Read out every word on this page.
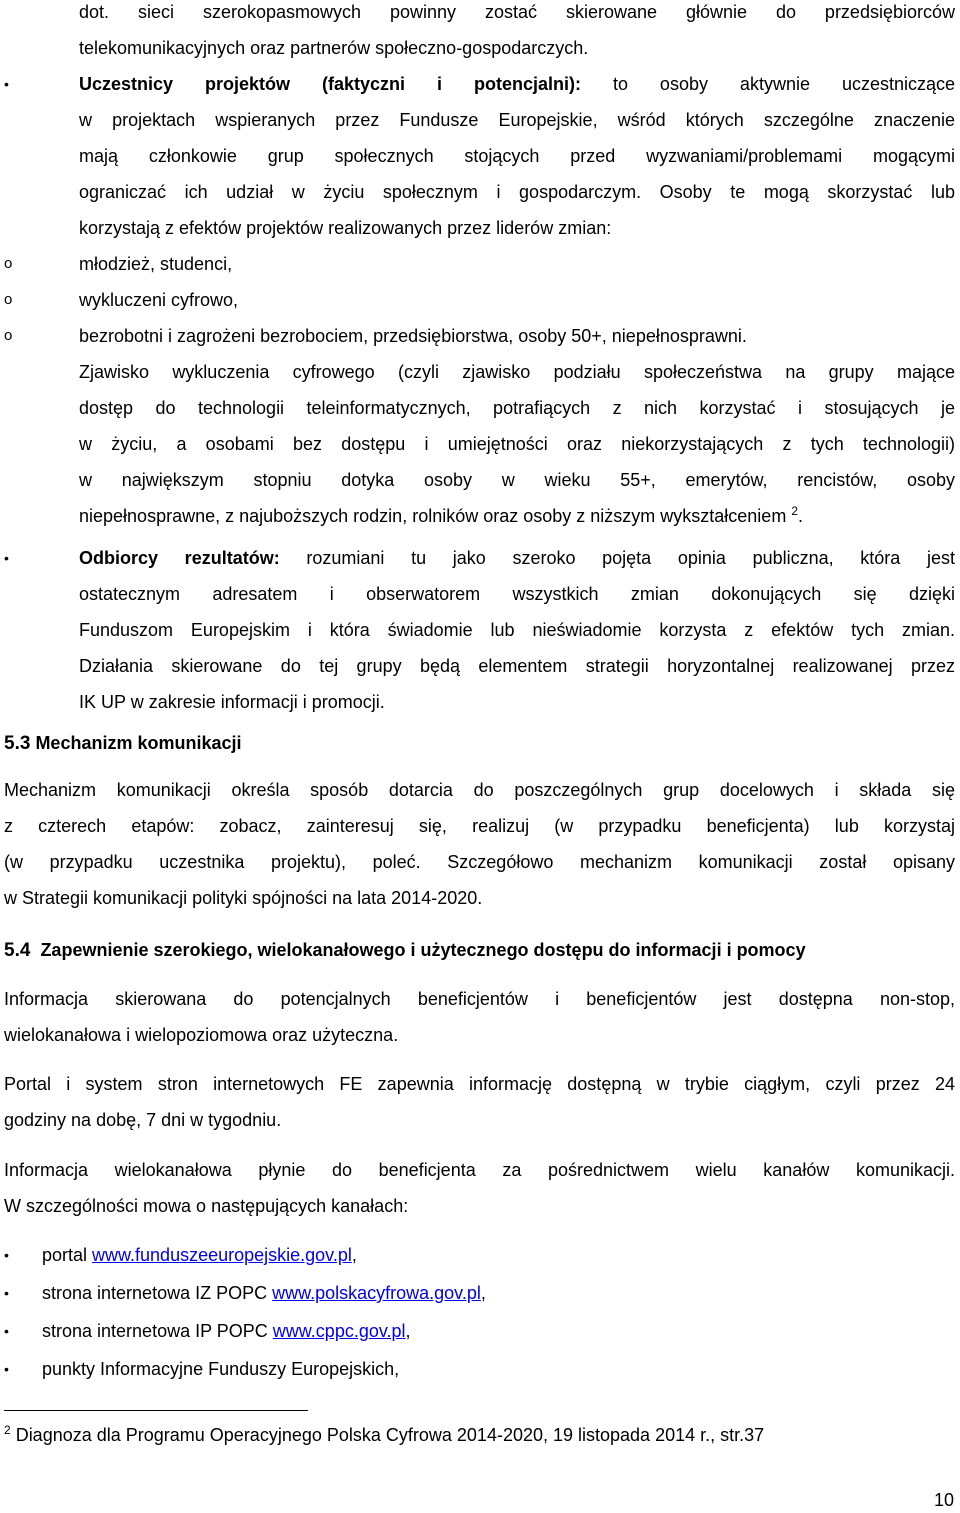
dot. sieci szerokopasmowych powinny zostać skierowane głównie do przedsiębiorców
telekomunikacyjnych oraz partnerów społeczno-gospodarczych.
•	Uczestnicy projektów (faktyczni i potencjalni): to osoby aktywnie uczestniczące
w projektach wspieranych przez Fundusze Europejskie, wśród których szczególne znaczenie
mają członkowie grup społecznych stojących przed wyzwaniami/problemami mogącymi
ograniczać ich udział w życiu społecznym i gospodarczym. Osoby te mogą skorzystać lub
korzystają z efektów projektów realizowanych przez liderów zmian:
o	młodzież, studenci,
o	wykluczeni cyfrowo,
o	bezrobotni i zagrożeni bezrobociem, przedsiębiorstwa, osoby 50+, niepełnosprawni.
Zjawisko wykluczenia cyfrowego (czyli zjawisko podziału społeczeństwa na grupy mające
dostęp do technologii teleinformatycznych, potrafiących z nich korzystać i stosujących je
w życiu, a osobami bez dostępu i umiejętności oraz niekorzystających z tych technologii)
w największym stopniu dotyka osoby w wieku 55+, emerytów, rencistów, osoby
niepełnosprawne, z najuboższych rodzin, rolników oraz osoby z niższym wykształceniem $^2$.
•	Odbiorcy rezultatów: rozumiani tu jako szeroko pojęta opinia publiczna, która jest
ostatecznym adresatem i obserwatorem wszystkich zmian dokonujących się dzięki
Funduszom Europejskim i która świadomie lub nieświadomie korzysta z efektów tych zmian.
Działania skierowane do tej grupy będą elementem strategii horyzontalnej realizowanej przez
IK UP w zakresie informacji i promocji.
5.3 Mechanizm komunikacji
Mechanizm komunikacji określa sposób dotarcia do poszczególnych grup docelowych i składa się
z czterech etapów: zobacz, zainteresuj się, realizuj (w przypadku beneficjenta) lub korzystaj
(w przypadku uczestnika projektu), poleć. Szczegółowo mechanizm komunikacji został opisany
w Strategii komunikacji polityki spójności na lata 2014-2020.
5.4 Zapewnienie szerokiego, wielokanałowego i użytecznego dostępu do informacji i pomocy
Informacja skierowana do potencjalnych beneficjentów i beneficjentów jest dostępna non-stop,
wielokanałowa i wielopoziomowa oraz użyteczna.
Portal i system stron internetowych FE zapewnia informację dostępną w trybie ciągłym, czyli przez 24
godziny na dobę, 7 dni w tygodniu.
Informacja wielokanałowa płynie do beneficjenta za pośrednictwem wielu kanałów komunikacji.
W szczególności mowa o następujących kanałach:
• portal www.funduszeeuropejskie.gov.pl,
• strona internetowa IZ POPC www.polskacyfrowa.gov.pl,
• strona internetowa IP POPC www.cppc.gov.pl,
• punkty Informacyjne Funduszy Europejskich,
$^2$ Diagnoza dla Programu Operacyjnego Polska Cyfrowa 2014-2020, 19 listopada 2014 r., str.37
10
